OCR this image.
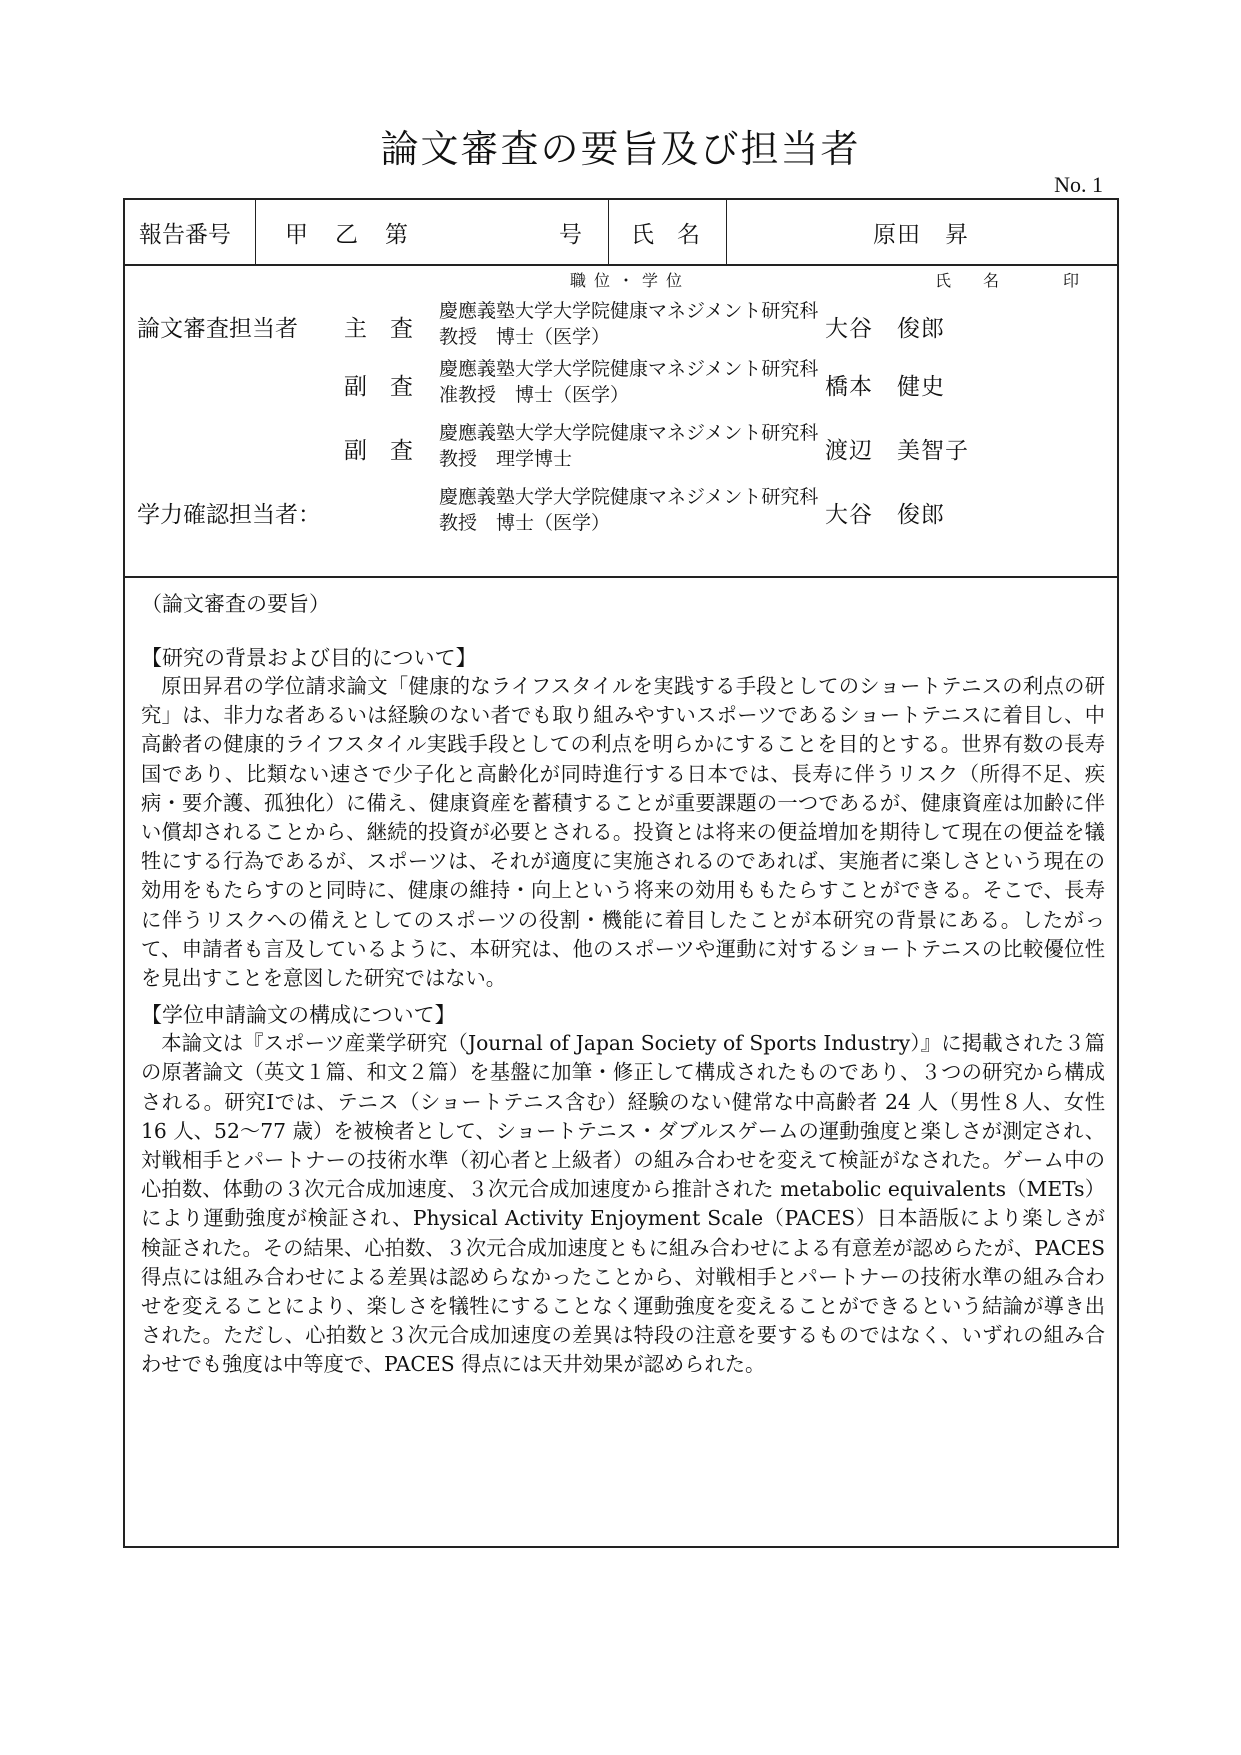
論文審査の要旨及び担当者
No. 1
報告番号	甲 乙 第	号 氏　名	原田　昇
職位・学位	氏名 印
論文審査担当者 主　査
慶應義塾大学大学院健康マネジメント研究科
教授　博士（医学）	大谷　俊郎
副　査
慶應義塾大学大学院健康マネジメント研究科
准教授　博士（医学）	橋本　健史
副　査
慶應義塾大学大学院健康マネジメント研究科
教授　理学博士	渡辺　美智子
学力確認担当者：
慶應義塾大学大学院健康マネジメント研究科
教授　博士（医学）	大谷　俊郎
（論文審査の要旨）
【研究の背景および目的について】

原田昇君の学位請求論文「健康的なライフスタイルを実践する手段としてのショートテニスの利点の研究」は、非力な者あるいは経験のない者でも取り組みやすいスポーツであるショートテニスに着目し、中高齢者の健康的ライフスタイル実践手段としての利点を明らかにすることを目的とする。世界有数の長寿国であり、比類ない速さで少子化と高齢化が同時進行する日本では、長寿に伴うリスク（所得不足、疾病・要介護、孤独化）に備え、健康資産を蓄積することが重要課題の一つであるが、健康資産は加齢に伴い償却されることから、継続的投資が必要とされる。投資とは将来の便益増加を期待して現在の便益を犠牲にする行為であるが、スポーツは、それが適度に実施されるのであれば、実施者に楽しさという現在の効用をもたらすのと同時に、健康の維持・向上という将来の効用ももたらすことができる。そこで、長寿に伴うリスクへの備えとしてのスポーツの役割・機能に着目したことが本研究の背景にある。したがって、申請者も言及しているように、本研究は、他のスポーツや運動に対するショートテニスの比較優位性を見出すことを意図した研究ではない。

【学位申請論文の構成について】

本論文は『スポーツ産業学研究（Journal of Japan Society of Sports Industry）』に掲載された３篇の原著論文（英文１篇、和文２篇）を基盤に加筆・修正して構成されたものであり、３つの研究から構成される。研究Ⅰでは、テニス（ショートテニス含む）経験のない健常な中高齢者 24 人（男性８人、女性 16 人、52～77 歳）を被検者として、ショートテニス・ダブルスゲームの運動強度と楽しさが測定され、対戦相手とパートナーの技術水準（初心者と上級者）の組み合わせを変えて検証がなされた。ゲーム中の心拍数、体動の３次元合成加速度、３次元合成加速度から推計された metabolic equivalents（METs）により運動強度が検証され、Physical Activity Enjoyment Scale（PACES）日本語版により楽しさが検証された。その結果、心拍数、３次元合成加速度ともに組み合わせによる有意差が認めらたが、PACES 得点には組み合わせによる差異は認めらなかったことから、対戦相手とパートナーの技術水準の組み合わせを変えることにより、楽しさを犠牲にすることなく運動強度を変えることができるという結論が導き出された。ただし、心拍数と３次元合成加速度の差異は特段の注意を要するものではなく、いずれの組み合わせでも強度は中等度で、PACES 得点には天井効果が認められた。
